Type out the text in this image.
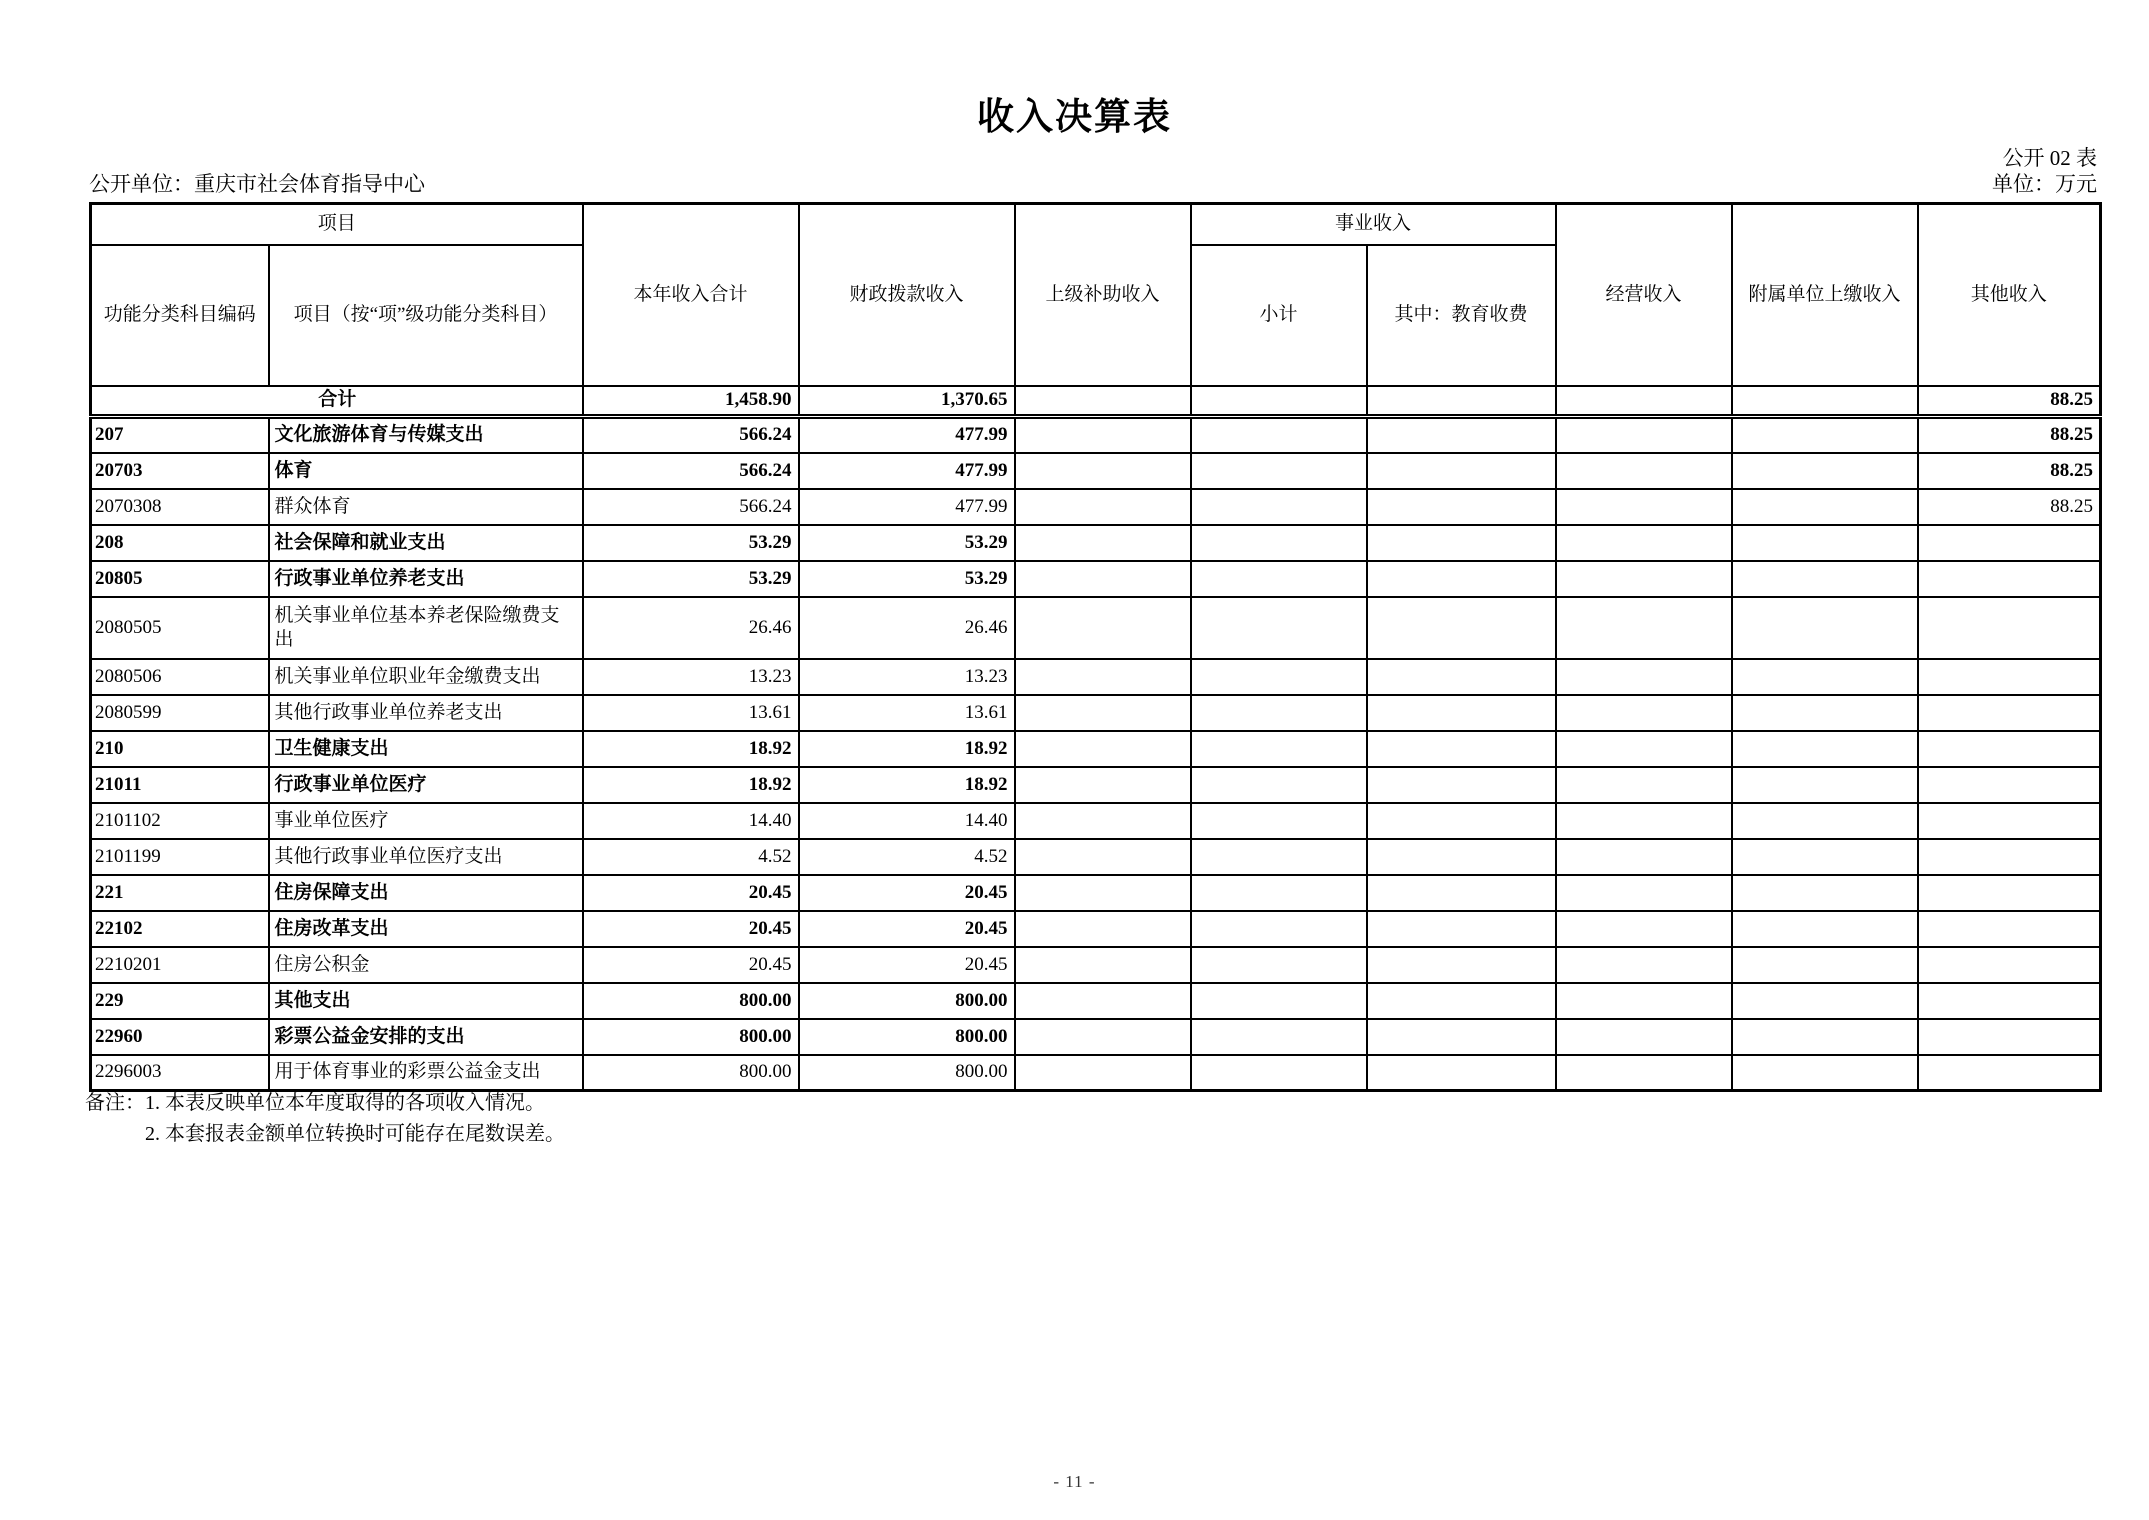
收入决算表
公开 02 表
公开单位：重庆市社会体育指导中心	单位：万元
项目		本年收入合计	财政拨款收入	上级补助收入	事业收入		经营收入	附属单位上缴收入	其他收入
功能分类科目编码	项目（按“项”级功能分类科目）				小计	其中：教育收费			
合计		1,458.90	1,370.65						88.25
207	文化旅游体育与传媒支出	566.24	477.99						88.25
20703	体育	566.24	477.99						88.25
2070308	群众体育	566.24	477.99						88.25
208	社会保障和就业支出	53.29	53.29						
20805	行政事业单位养老支出	53.29	53.29						
2080505	机关事业单位基本养老保险缴费支出	26.46	26.46						
2080506	机关事业单位职业年金缴费支出	13.23	13.23						
2080599	其他行政事业单位养老支出	13.61	13.61						
210	卫生健康支出	18.92	18.92						
21011	行政事业单位医疗	18.92	18.92						
2101102	事业单位医疗	14.40	14.40						
2101199	其他行政事业单位医疗支出	4.52	4.52						
221	住房保障支出	20.45	20.45						
22102	住房改革支出	20.45	20.45						
2210201	住房公积金	20.45	20.45						
229	其他支出	800.00	800.00						
22960	彩票公益金安排的支出	800.00	800.00						
2296003	用于体育事业的彩票公益金支出	800.00	800.00						
备注： 1. 本表反映单位本年度取得的各项收入情况。
2. 本套报表金额单位转换时可能存在尾数误差。
- 11 -
